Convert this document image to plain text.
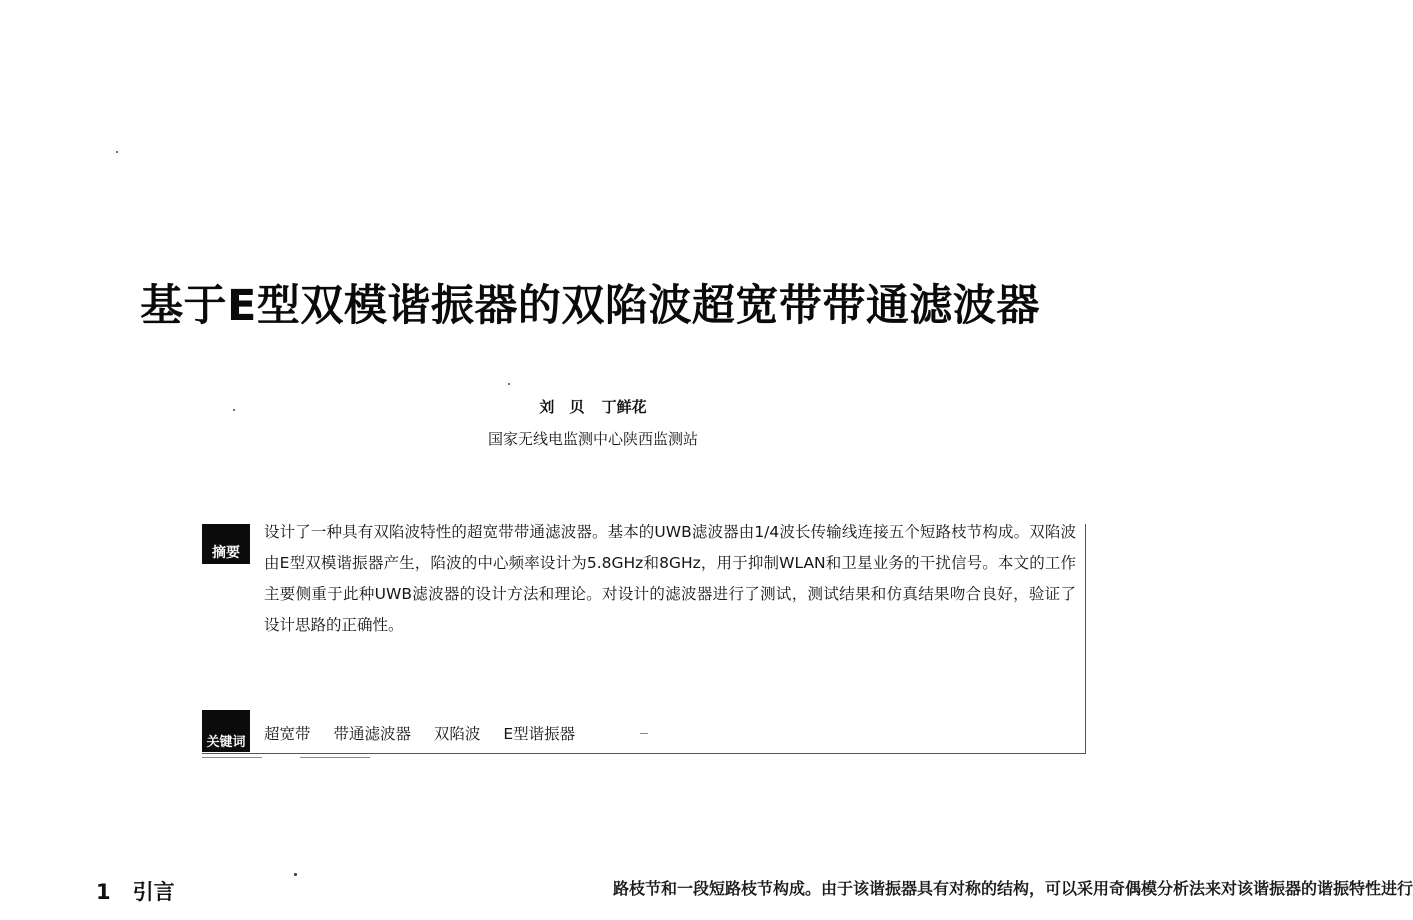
基于E型双模谐振器的双陷波超宽带带通滤波器
刘　贝 丁鲜花
国家无线电监测中心陕西监测站
摘要
设计了一种具有双陷波特性的超宽带带通滤波器。基本的UWB滤波器由1/4波长传输线连接五个短路枝节构成。双陷波由E型双模谐振器产生，陷波的中心频率设计为5.8GHz和8GHz，用于抑制WLAN和卫星业务的干扰信号。本文的工作主要侧重于此种UWB滤波器的设计方法和理论。对设计的滤波器进行了测试，测试结果和仿真结果吻合良好，验证了设计思路的正确性。
关键词 超宽带 带通滤波器 双陷波 E型谐振器
1 引言	路枝节和一段短路枝节构成。由于该谐振器具有对称的结构，可以采用奇偶模分析法来对该谐振器的谐振特性进行
